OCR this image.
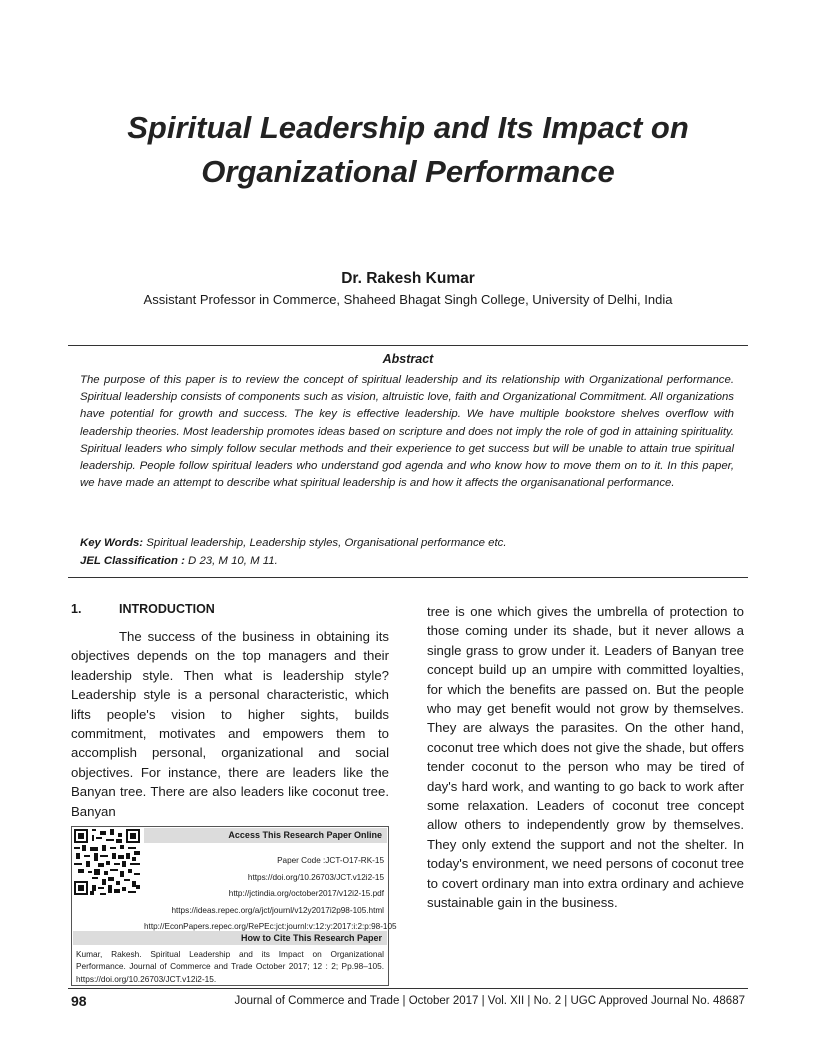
Spiritual Leadership and Its Impact on
Organizational Performance

Dr. Rakesh Kumar

Assistant Professor in Commerce, Shaheed Bhagat Singh College, University of Delhi, India

Abstract

The purpose of this paper is to review the concept of spiritual leadership and its relationship with Organizational performance. Spiritual leadership consists of components such as vision, altruistic love, faith and Organizational Commitment. All organizations have potential for growth and success. The key is effective leadership. We have multiple bookstore shelves overflow with leadership theories. Most leadership promotes ideas based on scripture and does not imply the role of god in attaining spirituality. Spiritual leaders who simply follow secular methods and their experience to get success but will be unable to attain true spiritual leadership. People follow spiritual leaders who understand god agenda and who know how to move them on to it. In this paper, we have made an attempt to describe what spiritual leadership is and how it affects the organisanational performance.

Key Words: Spiritual leadership, Leadership styles, Organisational performance etc.

JEL Classification : D 23, M 10, M 11.

1.	INTRODUCTION

The success of the business in obtaining its objectives depends on the top managers and their leadership style. Then what is leadership style? Leadership style is a personal characteristic, which lifts people's vision to higher sights, builds commitment, motivates and empowers them to accomplish personal, organizational and social objectives. For instance, there are leaders like the Banyan tree. There are also leaders like coconut tree. Banyan

tree is one which gives the umbrella of protection to those coming under its shade, but it never allows a single grass to grow under it. Leaders of Banyan tree concept build up an umpire with committed loyalties, for which the benefits are passed on. But the people who may get benefit would not grow by themselves. They are always the parasites. On the other hand, coconut tree which does not give the shade, but offers tender coconut to the person who may be tired of day's hard work, and wanting to go back to work after some relaxation. Leaders of coconut tree concept allow others to independently grow by themselves. They only extend the support and not the shelter. In today's environment, we need persons of coconut tree to covert ordinary man into extra ordinary and achieve sustainable gain in the business.

Access This Research Paper Online
Paper Code :JCT-O17-RK-15
https://doi.org/10.26703/JCT.v12i2-15
http://jctindia.org/october2017/v12i2-15.pdf
https://ideas.repec.org/a/jct/journl/v12y2017i2p98-105.html
http://EconPapers.repec.org/RePEc:jct:journl:v:12:y:2017:i:2:p:98-105
How to Cite This Research Paper
Kumar, Rakesh. Spiritual Leadership and its Impact on Organizational Performance. Journal of Commerce and Trade October 2017; 12 : 2; Pp.98–105. https://doi.org/10.26703/JCT.v12i2-15.

98	Journal of Commerce and Trade | October 2017 | Vol. XII | No. 2 | UGC Approved Journal No. 48687
